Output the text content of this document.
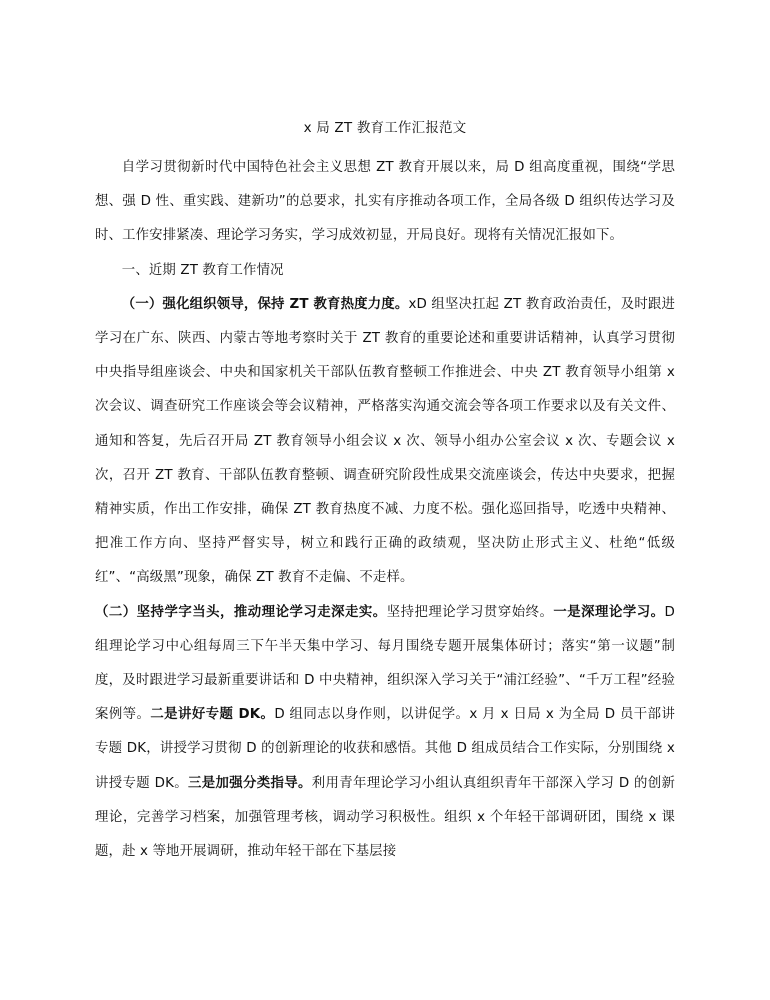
x 局 ZT 教育工作汇报范文

自学习贯彻新时代中国特色社会主义思想 ZT 教育开展以来，局 D 组高度重视，围绕“学思想、强 D 性、重实践、建新功”的总要求，扎实有序推动各项工作，全局各级 D 组织传达学习及时、工作安排紧凑、理论学习务实，学习成效初显，开局良好。现将有关情况汇报如下。

一、近期 ZT 教育工作情况

（一）强化组织领导，保持 ZT 教育热度力度。xD 组坚决扛起 ZT 教育政治责任，及时跟进学习在广东、陕西、内蒙古等地考察时关于 ZT 教育的重要论述和重要讲话精神，认真学习贯彻中央指导组座谈会、中央和国家机关干部队伍教育整顿工作推进会、中央 ZT 教育领导小组第 x 次会议、调查研究工作座谈会等会议精神，严格落实沟通交流会等各项工作要求以及有关文件、通知和答复，先后召开局 ZT 教育领导小组会议 x 次、领导小组办公室会议 x 次、专题会议 x 次，召开 ZT 教育、干部队伍教育整顿、调查研究阶段性成果交流座谈会，传达中央要求，把握精神实质，作出工作安排，确保 ZT 教育热度不减、力度不松。强化巡回指导，吃透中央精神、把准工作方向、坚持严督实导，树立和践行正确的政绩观，坚决防止形式主义、杜绝“低级红”、“高级黑”现象，确保 ZT 教育不走偏、不走样。

（二）坚持学字当头，推动理论学习走深走实。坚持把理论学习贯穿始终。一是深理论学习。D 组理论学习中心组每周三下午半天集中学习、每月围绕专题开展集体研讨；落实“第一议题”制度，及时跟进学习最新重要讲话和 D 中央精神，组织深入学习关于“浦江经验”、“千万工程”经验案例等。二是讲好专题 DK。D 组同志以身作则，以讲促学。x 月 x 日局 x 为全局 D 员干部讲专题 DK，讲授学习贯彻 D 的创新理论的收获和感悟。其他 D 组成员结合工作实际，分别围绕 x 讲授专题 DK。三是加强分类指导。利用青年理论学习小组认真组织青年干部深入学习 D 的创新理论，完善学习档案，加强管理考核，调动学习积极性。组织 x 个年轻干部调研团，围绕 x 课题，赴 x 等地开展调研，推动年轻干部在下基层接
